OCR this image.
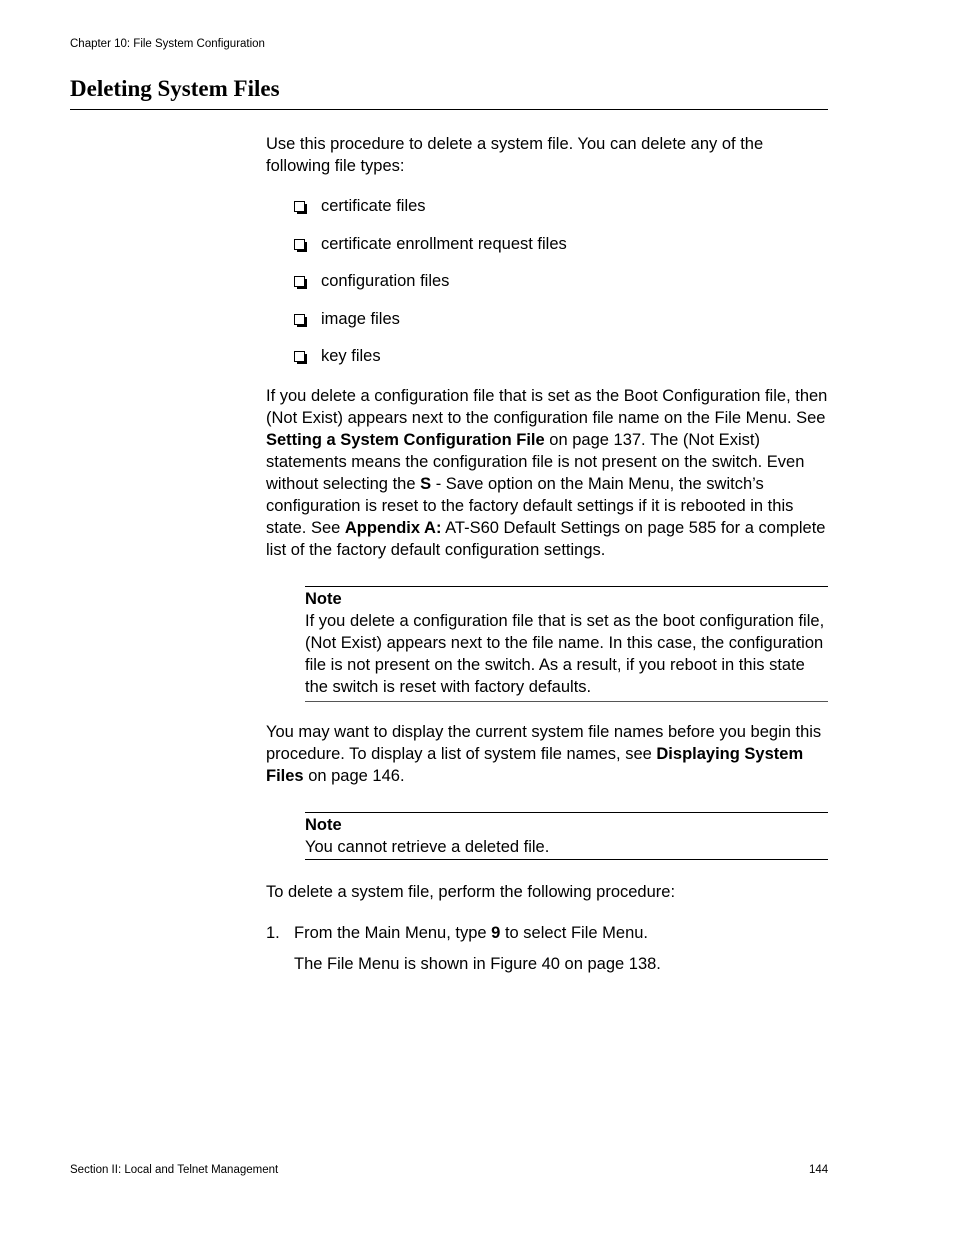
Chapter 10: File System Configuration
Deleting System Files

Use this procedure to delete a system file. You can delete any of the following file types:

certificate files
certificate enrollment request files
configuration files
image files
key files

If you delete a configuration file that is set as the Boot Configuration file, then (Not Exist) appears next to the configuration file name on the File Menu. See Setting a System Configuration File on page 137. The (Not Exist) statements means the configuration file is not present on the switch. Even without selecting the S - Save option on the Main Menu, the switch’s configuration is reset to the factory default settings if it is rebooted in this state. See Appendix A: AT-S60 Default Settings on page 585 for a complete list of the factory default configuration settings.

Note
If you delete a configuration file that is set as the boot configuration file, (Not Exist) appears next to the file name. In this case, the configuration file is not present on the switch. As a result, if you reboot in this state the switch is reset with factory defaults.

You may want to display the current system file names before you begin this procedure. To display a list of system file names, see Displaying System Files on page 146.

Note
You cannot retrieve a deleted file.

To delete a system file, perform the following procedure:

1. From the Main Menu, type 9 to select File Menu.
The File Menu is shown in Figure 40 on page 138.
Section II: Local and Telnet Management	144
